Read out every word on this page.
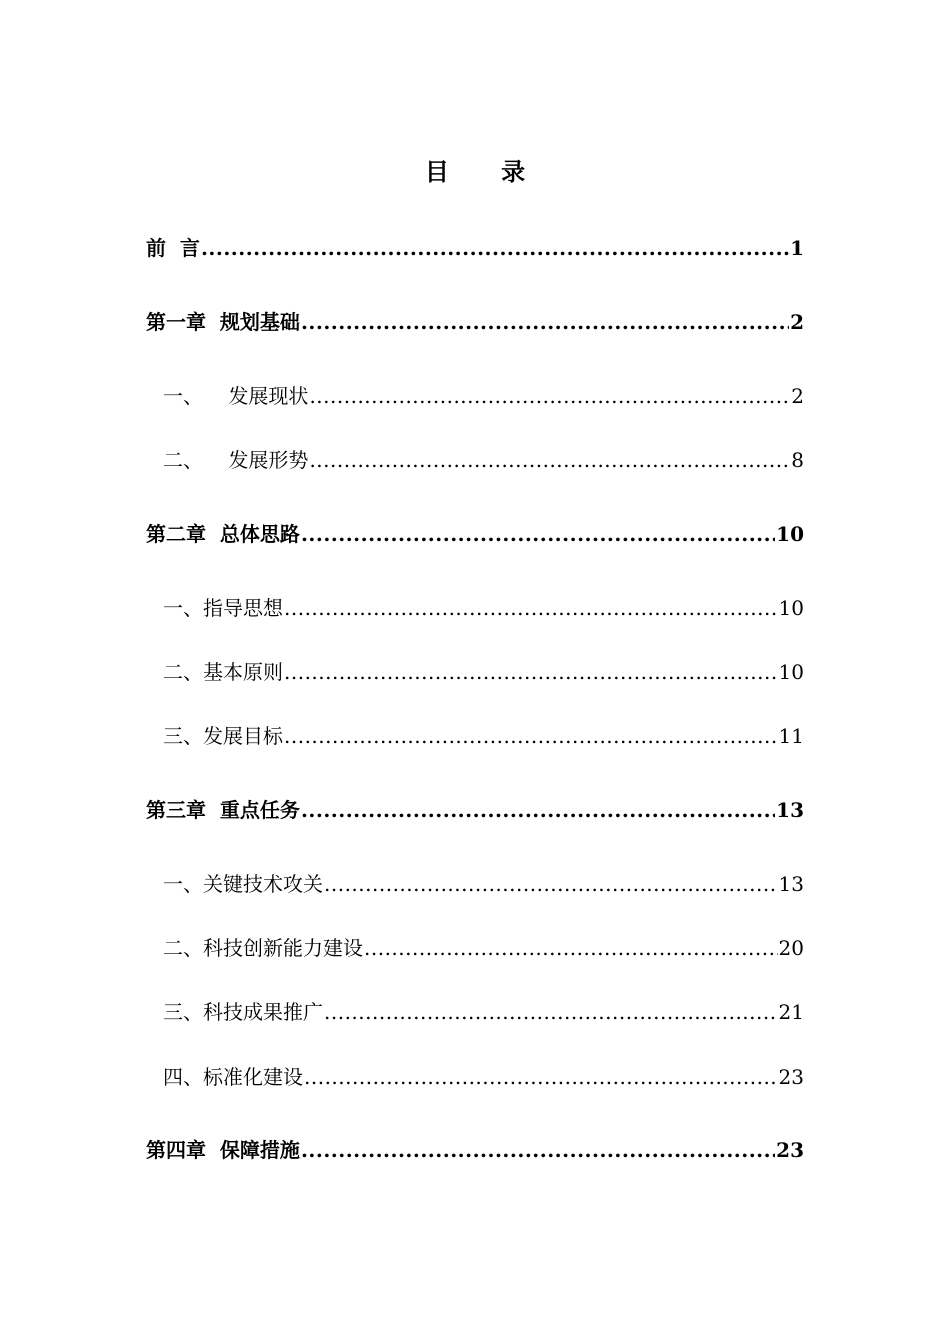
目 录
前  言 .....	1
第一章  规划基础 .....	2
一、    发展现状 .....	2
二、    发展形势 .....	8
第二章  总体思路 .....	10
一、指导思想 .....	10
二、基本原则 .....	10
三、发展目标 .....	11
第三章  重点任务 .....	13
一、关键技术攻关 .....	13
二、科技创新能力建设 .....	20
三、科技成果推广 .....	21
四、标准化建设 .....	23
第四章  保障措施 .....	23
